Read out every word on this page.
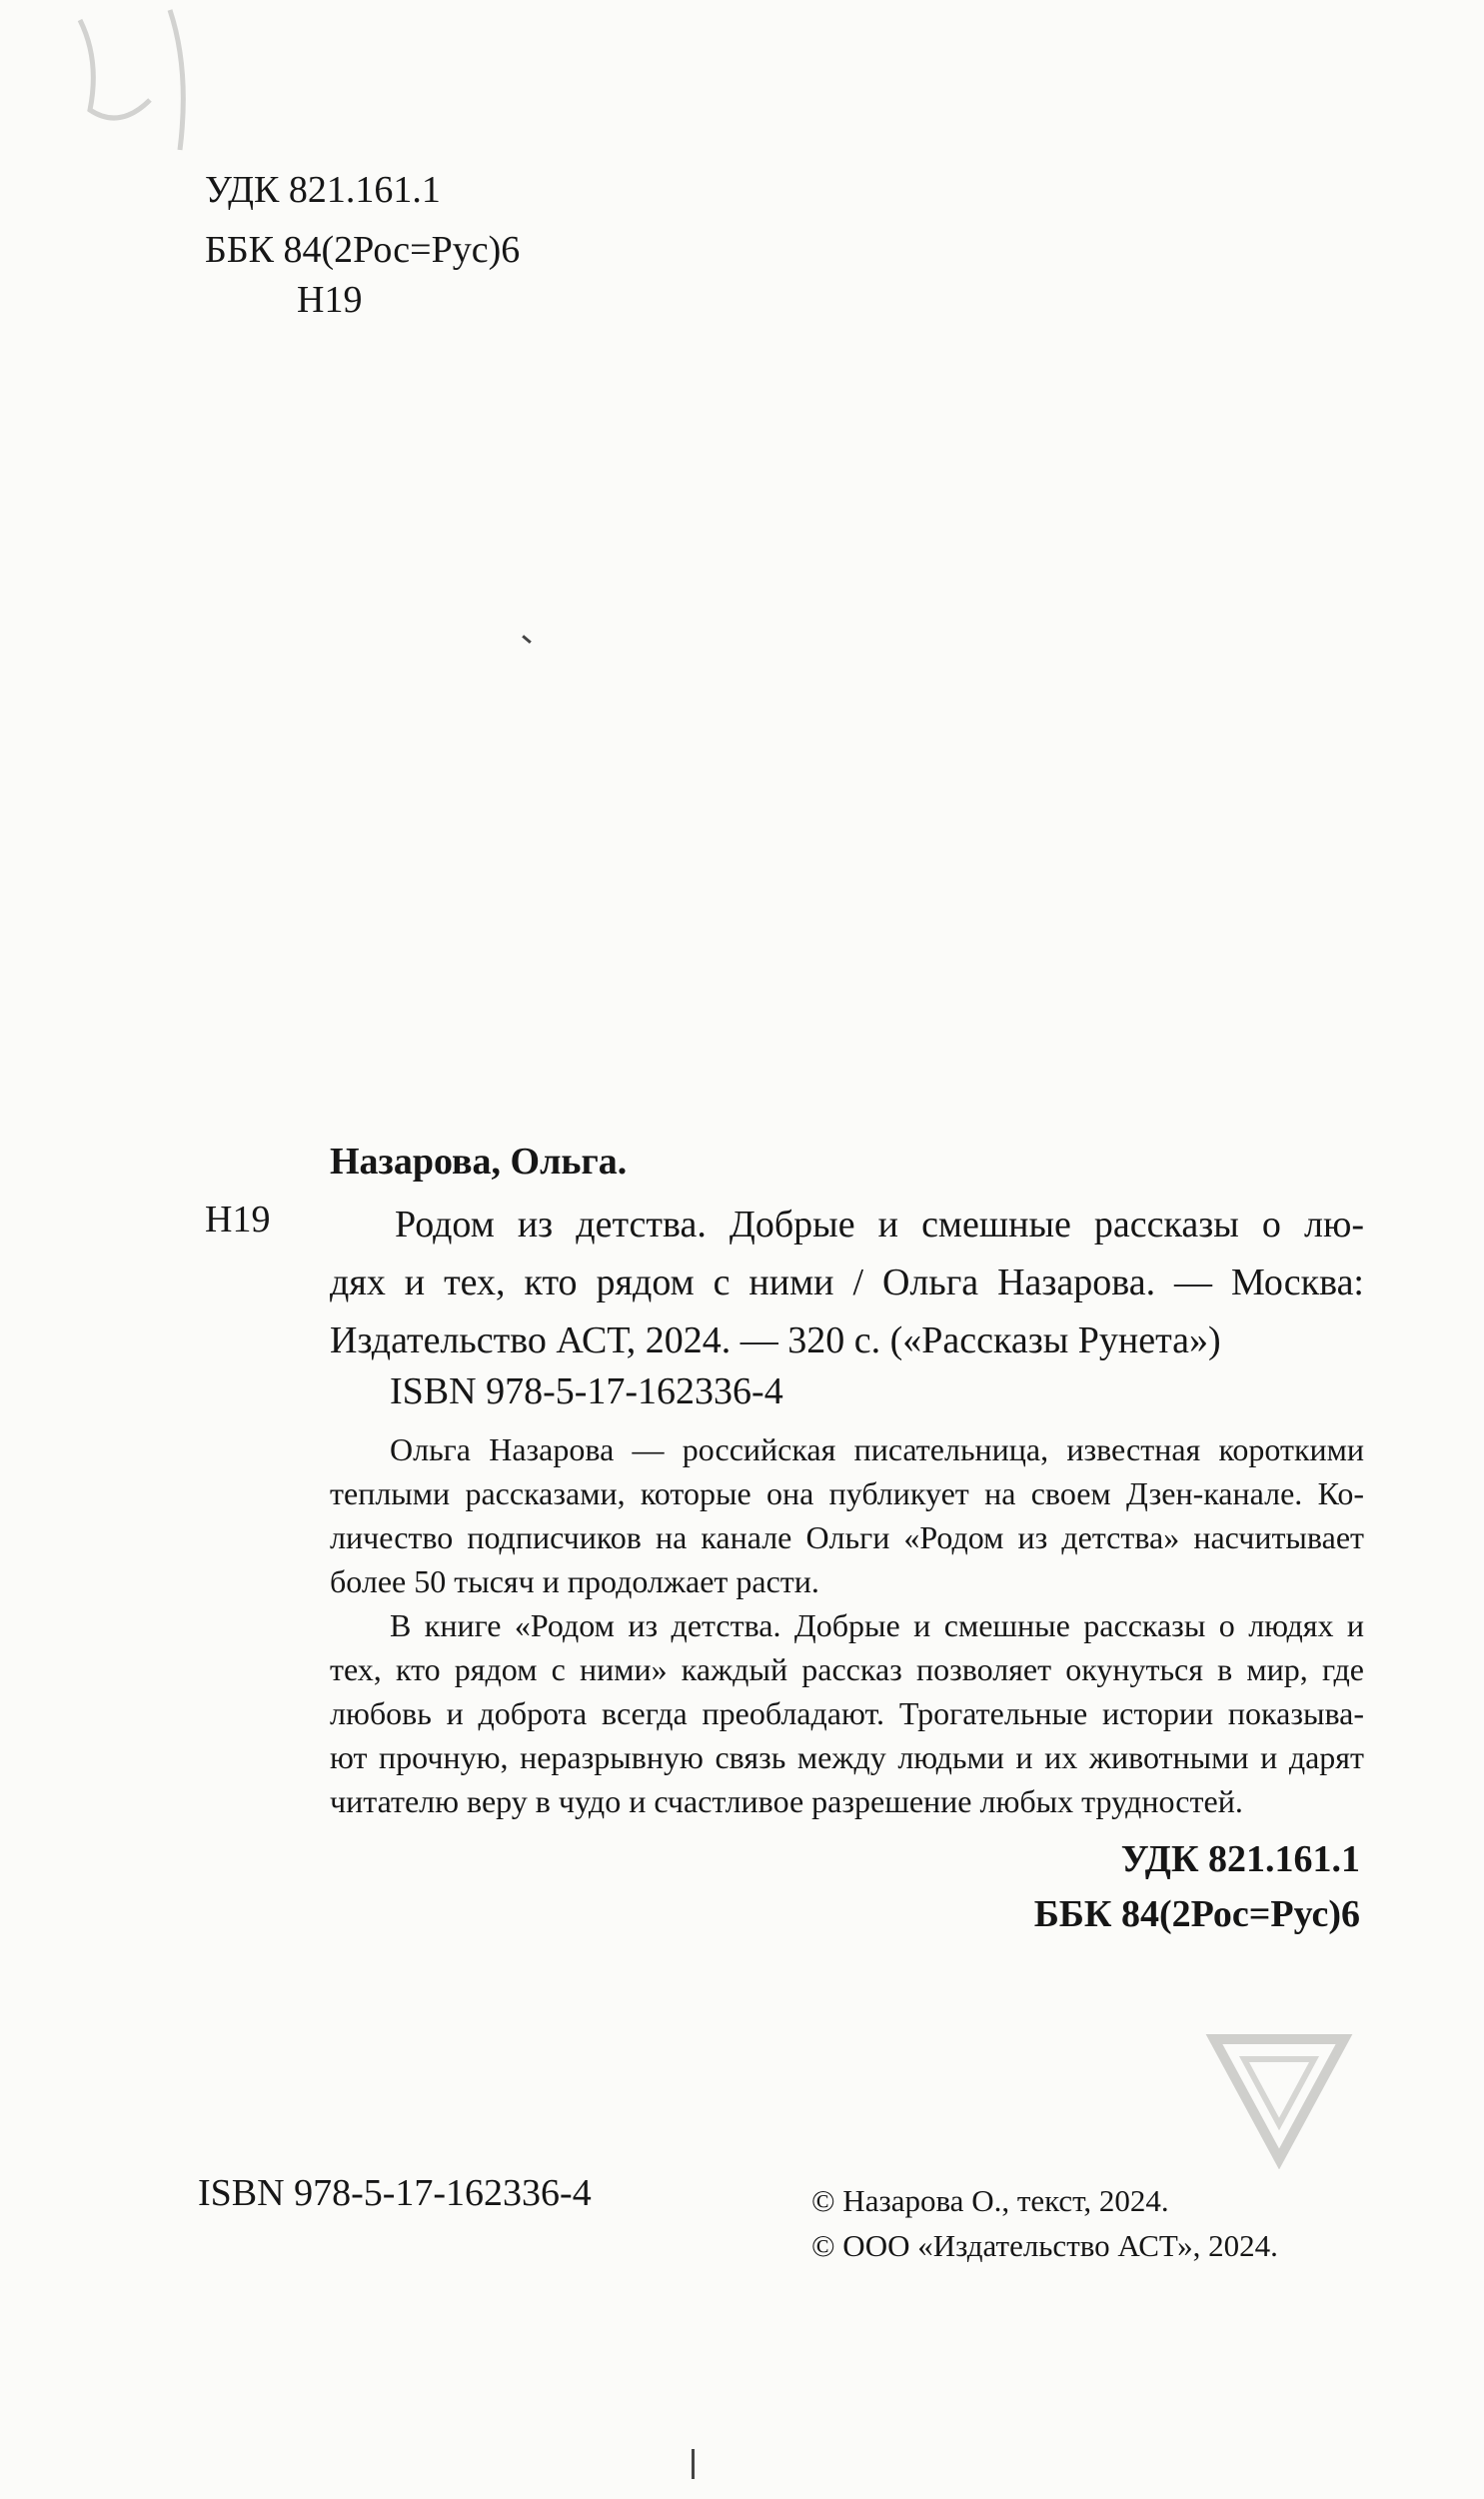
УДК 821.161.1
ББК 84(2Рос=Рус)6
Н19
Назарова, Ольга.
Н19	Родом из детства. Добрые и смешные рассказы о лю-
дях и тех, кто рядом с ними / Ольга Назарова. — Москва:
Издательство АСТ, 2024. — 320 с. («Рассказы Рунета»)
ISBN 978-5-17-162336-4

Ольга Назарова — российская писательница, известная короткими
теплыми рассказами, которые она публикует на своем Дзен-канале. Ко-
личество подписчиков на канале Ольги «Родом из детства» насчитывает
более 50 тысяч и продолжает расти.

В книге «Родом из детства. Добрые и смешные рассказы о людях и
тех, кто рядом с ними» каждый рассказ позволяет окунуться в мир, где
любовь и доброта всегда преобладают. Трогательные истории показыва-
ют прочную, неразрывную связь между людьми и их животными и дарят
читателю веру в чудо и счастливое разрешение любых трудностей.

УДК 821.161.1
ББК 84(2Рос=Рус)6
ISBN 978-5-17-162336-4	© Назарова О., текст, 2024.
© ООО «Издательство АСТ», 2024.
